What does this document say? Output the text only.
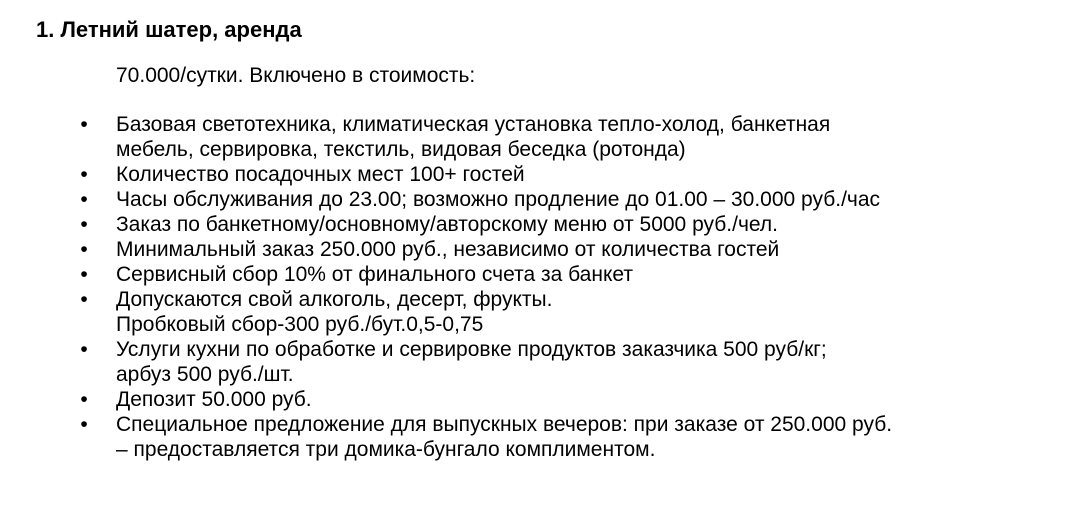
1. Летний шатер, аренда

70.000/сутки. Включено в стоимость:

•	Базовая светотехника, климатическая установка тепло-холод, банкетная
мебель, сервировка, текстиль, видовая беседка (ротонда)
•	Количество посадочных мест 100+ гостей
•	Часы обслуживания до 23.00; возможно продление до 01.00 – 30.000 руб./час
•	Заказ по банкетному/основному/авторскому меню от 5000 руб./чел.
•	Минимальный заказ 250.000 руб., независимо от количества гостей
•	Сервисный сбор 10% от финального счета за банкет
•	Допускаются свой алкоголь, десерт, фрукты.
Пробковый сбор-300 руб./бут.0,5-0,75
•	Услуги кухни по обработке и сервировке продуктов заказчика 500 руб/кг;
арбуз 500 руб./шт.
•	Депозит 50.000 руб.
•	Специальное предложение для выпускных вечеров: при заказе от 250.000 руб.
– предоставляется три домика-бунгало комплиментом.
